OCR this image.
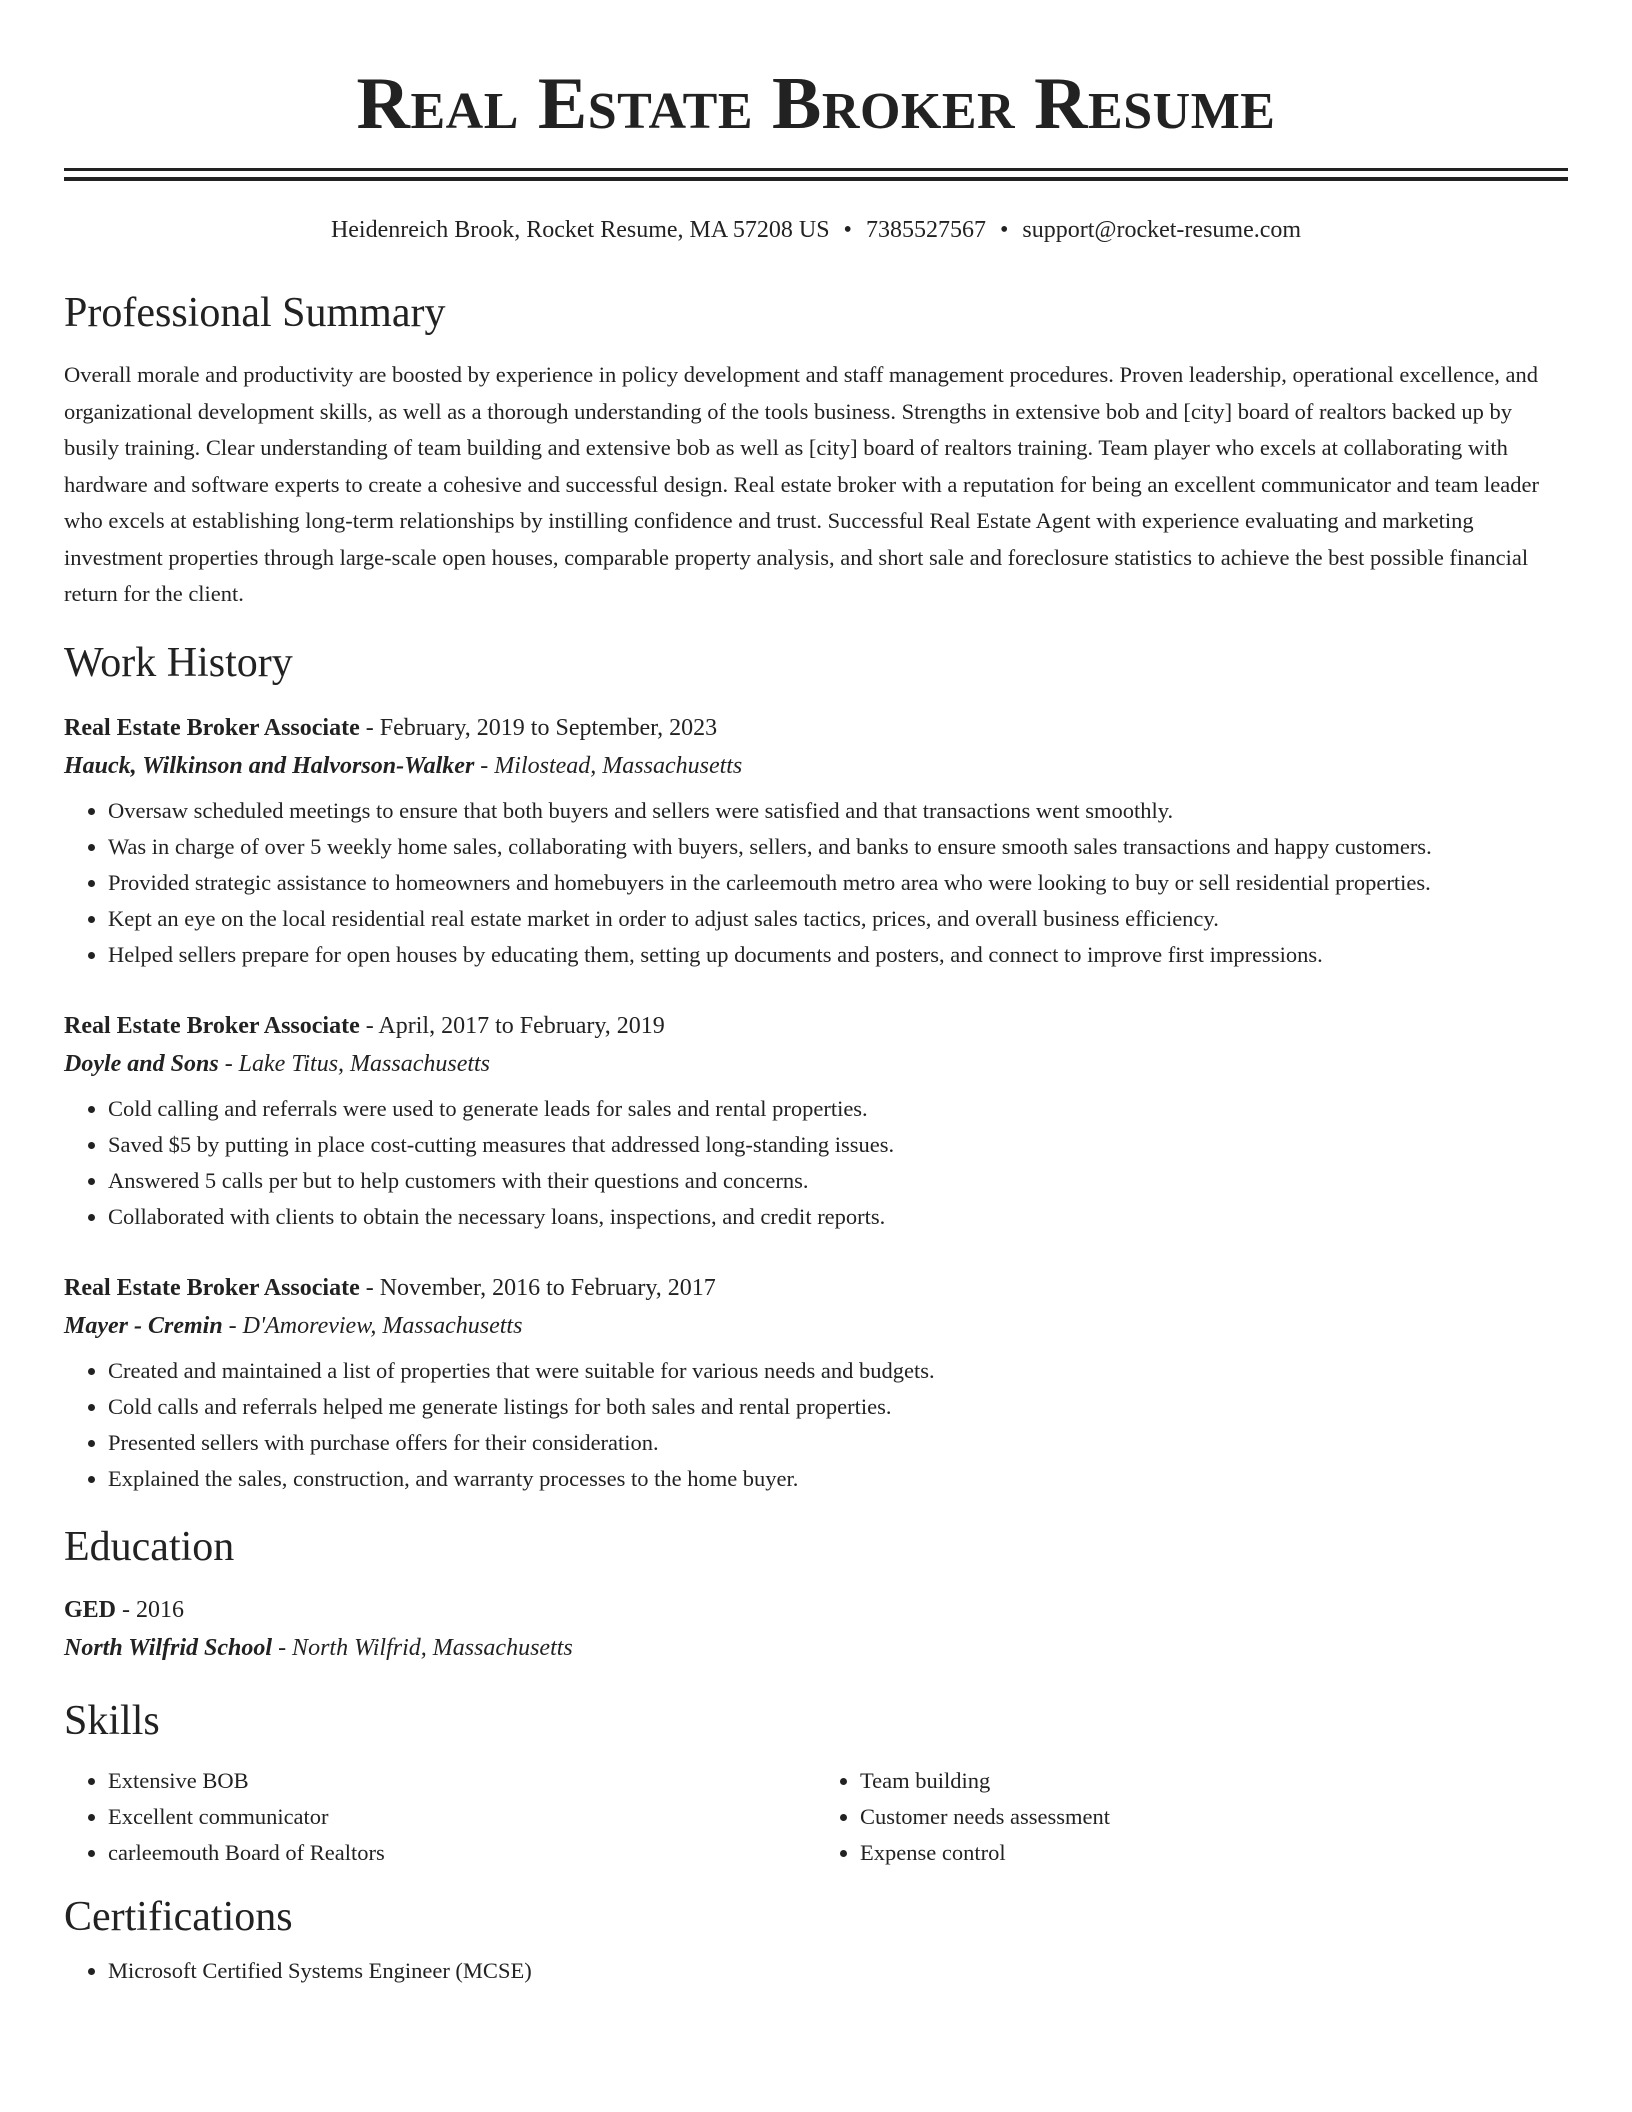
Real Estate Broker Resume
Heidenreich Brook, Rocket Resume, MA 57208 US • 7385527567 • support@rocket-resume.com
Professional Summary

Overall morale and productivity are boosted by experience in policy development and staff management procedures. Proven leadership, operational excellence, and organizational development skills, as well as a thorough understanding of the tools business. Strengths in extensive bob and [city] board of realtors backed up by busily training. Clear understanding of team building and extensive bob as well as [city] board of realtors training. Team player who excels at collaborating with hardware and software experts to create a cohesive and successful design. Real estate broker with a reputation for being an excellent communicator and team leader who excels at establishing long-term relationships by instilling confidence and trust. Successful Real Estate Agent with experience evaluating and marketing investment properties through large-scale open houses, comparable property analysis, and short sale and foreclosure statistics to achieve the best possible financial return for the client.

Work History
Real Estate Broker Associate - February, 2019 to September, 2023
Hauck, Wilkinson and Halvorson-Walker - Milostead, Massachusetts
• Oversaw scheduled meetings to ensure that both buyers and sellers were satisfied and that transactions went smoothly.
• Was in charge of over 5 weekly home sales, collaborating with buyers, sellers, and banks to ensure smooth sales transactions and happy customers.
• Provided strategic assistance to homeowners and homebuyers in the carleemouth metro area who were looking to buy or sell residential properties.
• Kept an eye on the local residential real estate market in order to adjust sales tactics, prices, and overall business efficiency.
• Helped sellers prepare for open houses by educating them, setting up documents and posters, and connect to improve first impressions.
Real Estate Broker Associate - April, 2017 to February, 2019
Doyle and Sons - Lake Titus, Massachusetts
• Cold calling and referrals were used to generate leads for sales and rental properties.
• Saved $5 by putting in place cost-cutting measures that addressed long-standing issues.
• Answered 5 calls per but to help customers with their questions and concerns.
• Collaborated with clients to obtain the necessary loans, inspections, and credit reports.
Real Estate Broker Associate - November, 2016 to February, 2017
Mayer - Cremin - D'Amoreview, Massachusetts
• Created and maintained a list of properties that were suitable for various needs and budgets.
• Cold calls and referrals helped me generate listings for both sales and rental properties.
• Presented sellers with purchase offers for their consideration.
• Explained the sales, construction, and warranty processes to the home buyer.
Education
GED - 2016
North Wilfrid School - North Wilfrid, Massachusetts
Skills
• Extensive BOB
• Excellent communicator
• carleemouth Board of Realtors
• Team building
• Customer needs assessment
• Expense control
Certifications
• Microsoft Certified Systems Engineer (MCSE)
